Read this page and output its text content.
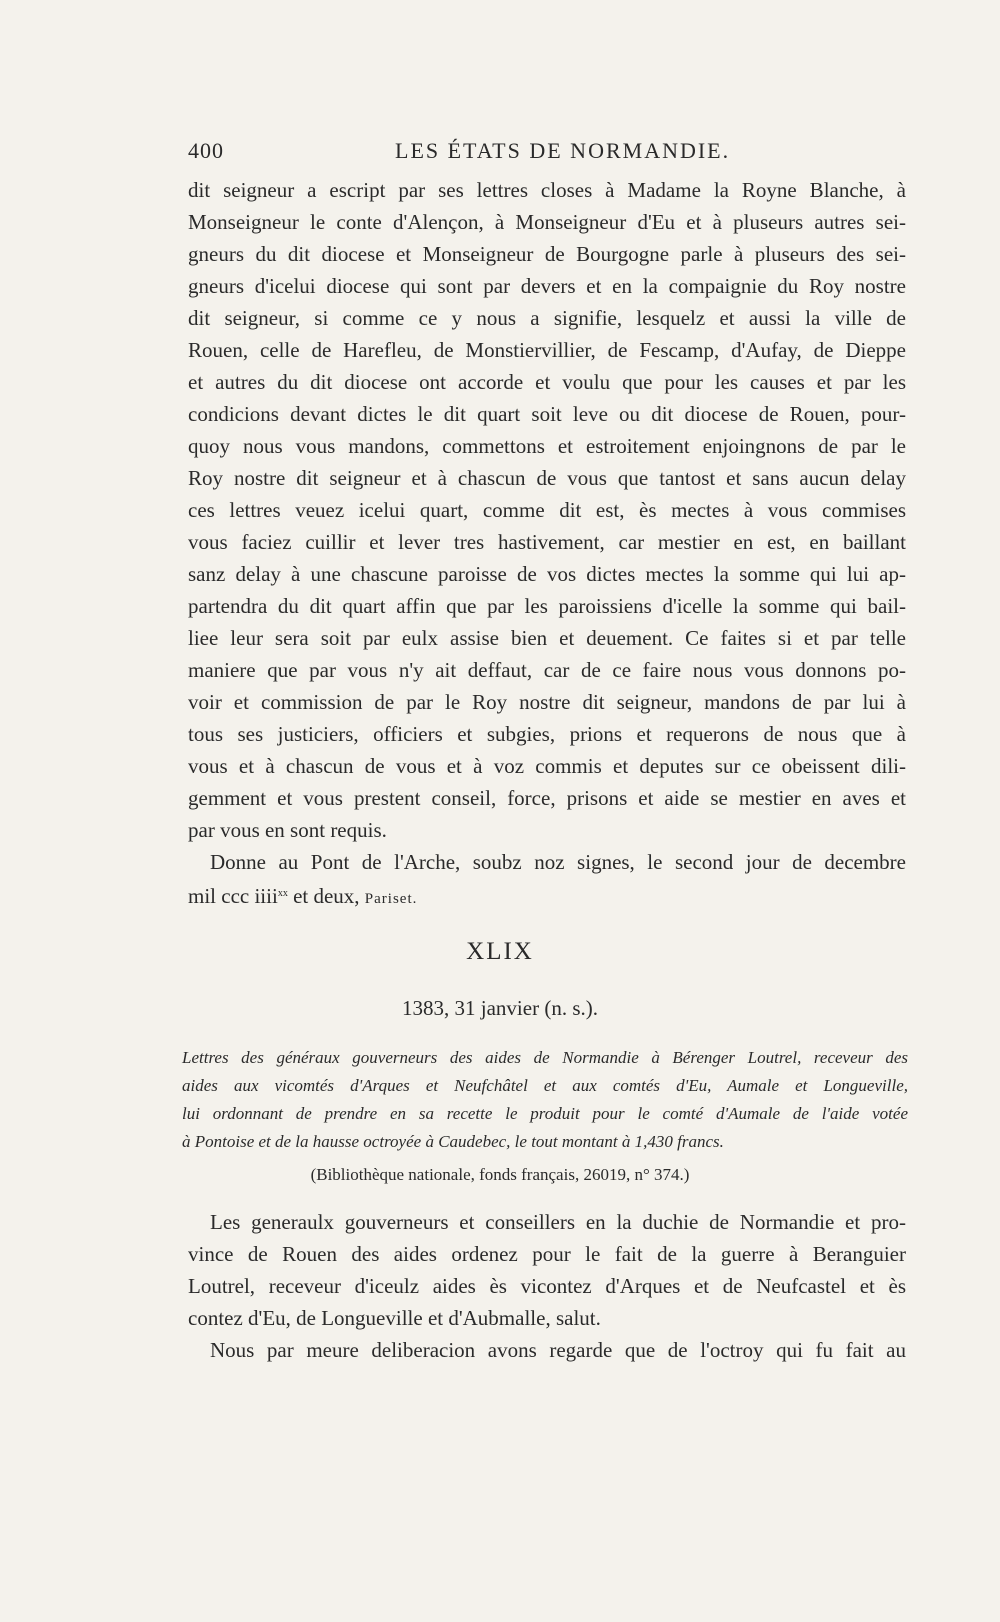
400	LES ÉTATS DE NORMANDIE.
dit seigneur a escript par ses lettres closes à Madame la Royne Blanche, à
Monseigneur le conte d'Alençon, à Monseigneur d'Eu et à pluseurs autres sei-
gneurs du dit diocese et Monseigneur de Bourgogne parle à pluseurs des sei-
gneurs d'icelui diocese qui sont par devers et en la compaignie du Roy nostre
dit seigneur, si comme ce y nous a signifie, lesquelz et aussi la ville de
Rouen, celle de Harefleu, de Monstiervillier, de Fescamp, d'Aufay, de Dieppe
et autres du dit diocese ont accorde et voulu que pour les causes et par les
condicions devant dictes le dit quart soit leve ou dit diocese de Rouen, pour-
quoy nous vous mandons, commettons et estroitement enjoingnons de par le
Roy nostre dit seigneur et à chascun de vous que tantost et sans aucun delay
ces lettres veuez icelui quart, comme dit est, ès mectes à vous commises
vous faciez cuillir et lever tres hastivement, car mestier en est, en baillant
sanz delay à une chascune paroisse de vos dictes mectes la somme qui lui ap-
partendra du dit quart affin que par les paroissiens d'icelle la somme qui bail-
liee leur sera soit par eulx assise bien et deuement. Ce faites si et par telle
maniere que par vous n'y ait deffaut, car de ce faire nous vous donnons po-
voir et commission de par le Roy nostre dit seigneur, mandons de par lui à
tous ses justiciers, officiers et subgies, prions et requerons de nous que à
vous et à chascun de vous et à voz commis et deputes sur ce obeissent dili-
gemment et vous prestent conseil, force, prisons et aide se mestier en aves et
par vous en sont requis.
Donne au Pont de l'Arche, soubz noz signes, le second jour de decembre
mil ccc iiii$^{xx}$ et deux, Pariset.
XLIX
1383, 31 janvier (n. s.).
Lettres des généraux gouverneurs des aides de Normandie à Bérenger Loutrel, receveur des
aides aux vicomtés d'Arques et Neufchâtel et aux comtés d'Eu, Aumale et Longueville,
lui ordonnant de prendre en sa recette le produit pour le comté d'Aumale de l'aide votée
à Pontoise et de la hausse octroyée à Caudebec, le tout montant à 1,430 francs.
(Bibliothèque nationale, fonds français, 26019, n° 374.)
Les generaulx gouverneurs et conseillers en la duchie de Normandie et pro-
vince de Rouen des aides ordenez pour le fait de la guerre à Beranguier
Loutrel, receveur d'iceulz aides ès vicontez d'Arques et de Neufcastel et ès
contez d'Eu, de Longueville et d'Aubmalle, salut.
Nous par meure deliberacion avons regarde que de l'octroy qui fu fait au
